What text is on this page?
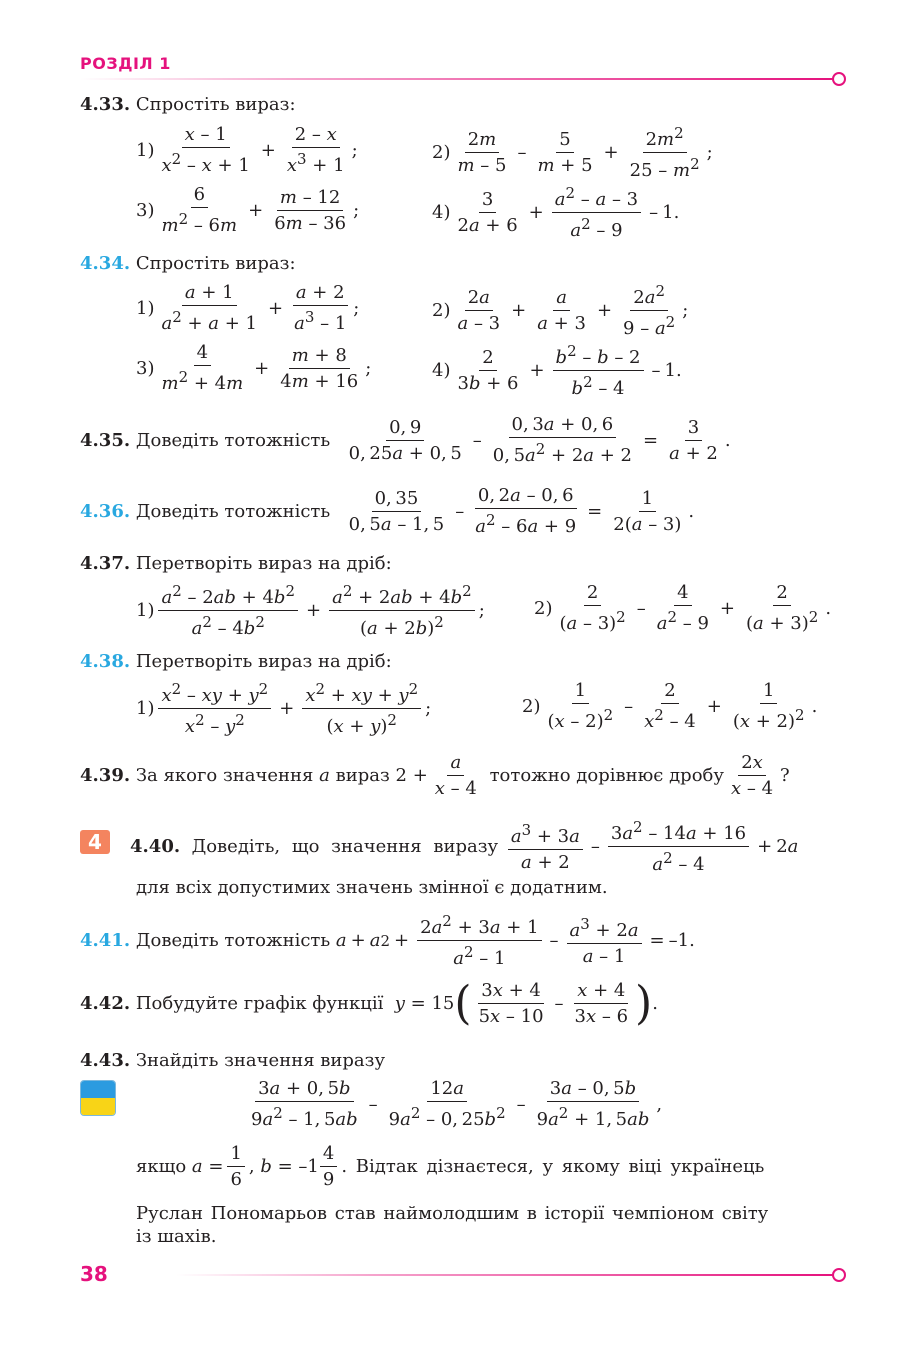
РОЗДІЛ 1
4.33. Спростіть вираз:
$1) \frac{x - 1}{x^2 - x + 1} + \frac{2 - x}{x^3 + 1}$ ;	$2) \frac{2m}{m - 5} - \frac{5}{m + 5} + \frac{2m^2}{25 - m^2}$ ;
$3) \frac{6}{m^2 - 6m} + \frac{m - 12}{6m - 36}$ ;	$4) \frac{3}{2a + 6} + \frac{a^2 - a - 3}{a^2 - 9} - 1$.
4.34. Спростіть вираз:
$1) \frac{a + 1}{a^2 + a + 1} + \frac{a + 2}{a^3 - 1}$ ;	$2) \frac{2a}{a - 3} + \frac{a}{a + 3} + \frac{2a^2}{9 - a^2}$ ;
$3) \frac{4}{m^2 + 4m} + \frac{m + 8}{4m + 16}$ ;	$4) \frac{2}{3b + 6} + \frac{b^2 - b - 2}{b^2 - 4} - 1$.
4.35.
Доведіть тотожність
$\frac{0, 9}{0, 25a + 0, 5} - \frac{0, 3a + 0, 6}{0, 5a^2 + 2a + 2} = \frac{3}{a + 2}$ .
4.36.
Доведіть тотожність
$\frac{0, 35}{0, 5a - 1, 5} - \frac{0, 2a - 0, 6}{a^2 - 6a + 9} = \frac{1}{2(a - 3)}$ .
4.37. Перетворіть вираз на дріб:
$1) \frac{a^2 - 2ab + 4b^2}{a^2 - 4b^2} + \frac{a^2 + 2ab + 4b^2}{(a + 2b)^2}$ ;	$2) \frac{2}{(a - 3)^2} - \frac{4}{a^2 - 9} + \frac{2}{(a + 3)^2}$ .
4.38. Перетворіть вираз на дріб:
$1) \frac{x^2 - xy + y^2}{x^2 - y^2} + \frac{x^2 + xy + y^2}{(x + y)^2}$ ;	$2) \frac{1}{(x - 2)^2} - \frac{2}{x^2 - 4} + \frac{1}{(x + 2)^2}$ .
4.39.
За якого значення
a
вираз $2 + \frac{a}{x - 4}$
тотожно дорівнює дробу $\frac{2x}{x - 4}$ ?
4	4.40.
Доведіть, що значення виразу
$\frac{a^3 + 3a}{a + 2} - \frac{3a^2 - 14a + 16}{a^2 - 4} + 2$ a
для всіх допустимих значень змінної є додатним.
4.41.
Доведіть тотожність
a + a $2 + \frac{2a^2 + 3a + 1}{a^2 - 1} - \frac{a^3 + 2a}{a - 1} = -1$.
4.42.
Побудуйте графік функції
y = 15 ( $\frac{3x + 4}{5x - 10} - \frac{x + 4}{3x - 6}$ ) .
4.43. Знайдіть значення виразу
$\frac{3a + 0, 5b}{9a^2 - 1, 5ab} - \frac{12a}{9a^2 - 0, 25b^2} - \frac{3a - 0, 5b}{9a^2 + 1, 5ab}$ ,
якщо
$a = \frac{1}{6}$ , $b = -1 \frac{4}{9}$ . Відтак дізнаєтеся, у якому віці українець
Руслан Пономарьов став наймолодшим в історії чемпіоном світу
із шахів.
38
